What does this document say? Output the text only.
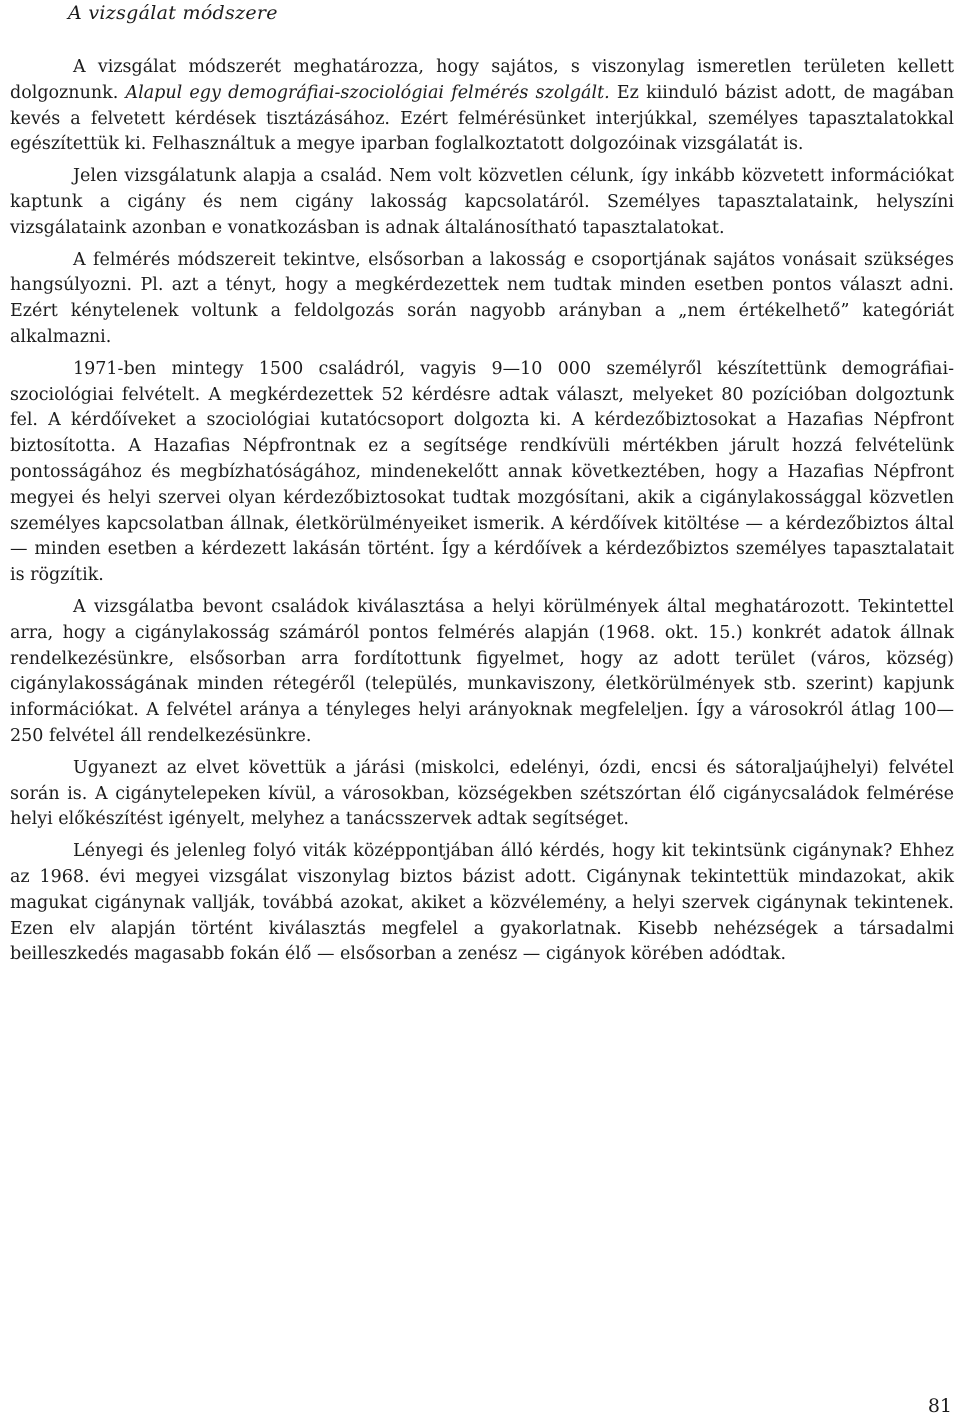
A vizsgálat módszere

A vizsgálat módszerét meghatározza, hogy sajátos, s viszonylag ismeretlen területen kellett dolgoznunk. Alapul egy demográfiai-szociológiai felmérés szolgált. Ez kiinduló bázist adott, de magában kevés a felvetett kérdések tisztázásához. Ezért felmérésünket interjúkkal, személyes tapasztalatokkal egészítettük ki. Felhasználtuk a megye iparban foglalkoztatott dolgozóinak vizsgálatát is.

Jelen vizsgálatunk alapja a család. Nem volt közvetlen célunk, így inkább közvetett információkat kaptunk a cigány és nem cigány lakosság kapcsolatáról. Személyes tapasztalataink, helyszíni vizsgálataink azonban e vonatkozásban is adnak általánosítható tapasztalatokat.

A felmérés módszereit tekintve, elsősorban a lakosság e csoportjának sajátos vonásait szükséges hangsúlyozni. Pl. azt a tényt, hogy a megkérdezettek nem tudtak minden esetben pontos választ adni. Ezért kénytelenek voltunk a feldolgozás során nagyobb arányban a „nem értékelhető” kategóriát alkalmazni.

1971-ben mintegy 1500 családról, vagyis 9—10 000 személyről készítettünk demográfiai-szociológiai felvételt. A megkérdezettek 52 kérdésre adtak választ, melyeket 80 pozícióban dolgoztunk fel. A kérdőíveket a szociológiai kutatócsoport dolgozta ki. A kérdezőbiztosokat a Hazafias Népfront biztosította. A Hazafias Népfrontnak ez a segítsége rendkívüli mértékben járult hozzá felvételünk pontosságához és megbízhatóságához, mindenekelőtt annak következtében, hogy a Hazafias Népfront megyei és helyi szervei olyan kérdezőbiztosokat tudtak mozgósítani, akik a cigánylakossággal közvetlen személyes kapcsolatban állnak, életkörülményeiket ismerik. A kérdőívek kitöltése — a kérdezőbiztos által — minden esetben a kérdezett lakásán történt. Így a kérdőívek a kérdezőbiztos személyes tapasztalatait is rögzítik.

A vizsgálatba bevont családok kiválasztása a helyi körülmények által meghatározott. Tekintettel arra, hogy a cigánylakosság számáról pontos felmérés alapján (1968. okt. 15.) konkrét adatok állnak rendelkezésünkre, elsősorban arra fordítottunk figyelmet, hogy az adott terület (város, község) cigánylakosságának minden rétegéről (település, munkaviszony, életkörülmények stb. szerint) kapjunk információkat. A felvétel aránya a tényleges helyi arányoknak megfeleljen. Így a városokról átlag 100—250 felvétel áll rendelkezésünkre.

Ugyanezt az elvet követtük a járási (miskolci, edelényi, ózdi, encsi és sátoraljaújhelyi) felvétel során is. A cigánytelepeken kívül, a városokban, községekben szétszórtan élő cigánycsaládok felmérése helyi előkészítést igényelt, melyhez a tanácsszervek adtak segítséget.

Lényegi és jelenleg folyó viták középpontjában álló kérdés, hogy kit tekintsünk cigánynak? Ehhez az 1968. évi megyei vizsgálat viszonylag biztos bázist adott. Cigánynak tekintettük mindazokat, akik magukat cigánynak vallják, továbbá azokat, akiket a közvélemény, a helyi szervek cigánynak tekintenek. Ezen elv alapján történt kiválasztás megfelel a gyakorlatnak. Kisebb nehézségek a társadalmi beilleszkedés magasabb fokán élő — elsősorban a zenész — cigányok körében adódtak.

81
